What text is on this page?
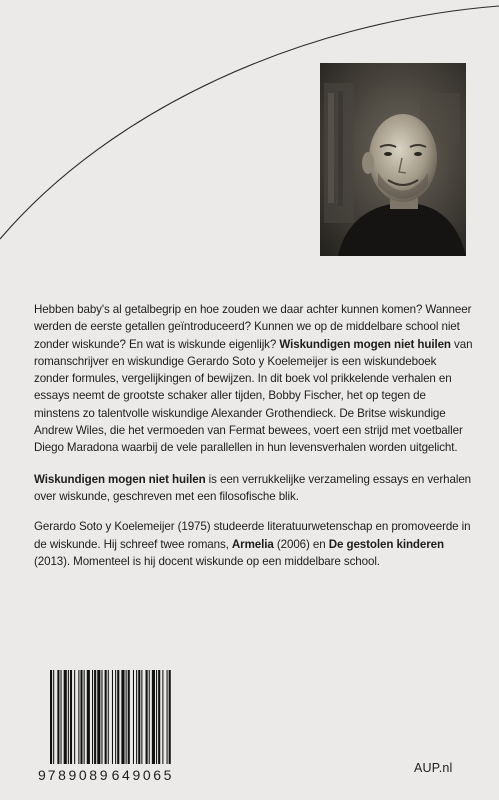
Hebben baby's al getalbegrip en hoe zouden we daar achter kunnen komen? Wanneer werden de eerste getallen geïntroduceerd? Kunnen we op de middelbare school niet zonder wiskunde? En wat is wiskunde eigenlijk? Wiskundigen mogen niet huilen van romanschrijver en wiskundige Gerardo Soto y Koelemeijer is een wiskundeboek zonder formules, vergelijkingen of bewijzen. In dit boek vol prikkelende verhalen en essays neemt de grootste schaker aller tijden, Bobby Fischer, het op tegen de minstens zo talentvolle wiskundige Alexander Grothendieck. De Britse wiskundige Andrew Wiles, die het vermoeden van Fermat bewees, voert een strijd met voetballer Diego Maradona waarbij de vele parallellen in hun levensverhalen worden uitgelicht.

Wiskundigen mogen niet huilen is een verrukkelijke verzameling essays en verhalen over wiskunde, geschreven met een filosofische blik.

Gerardo Soto y Koelemeijer (1975) studeerde literatuurwetenschap en promoveerde in de wiskunde. Hij schreef twee romans, Armelia (2006) en De gestolen kinderen (2013). Momenteel is hij docent wiskunde op een middelbare school.

9 789089 649065	AUP.nl
